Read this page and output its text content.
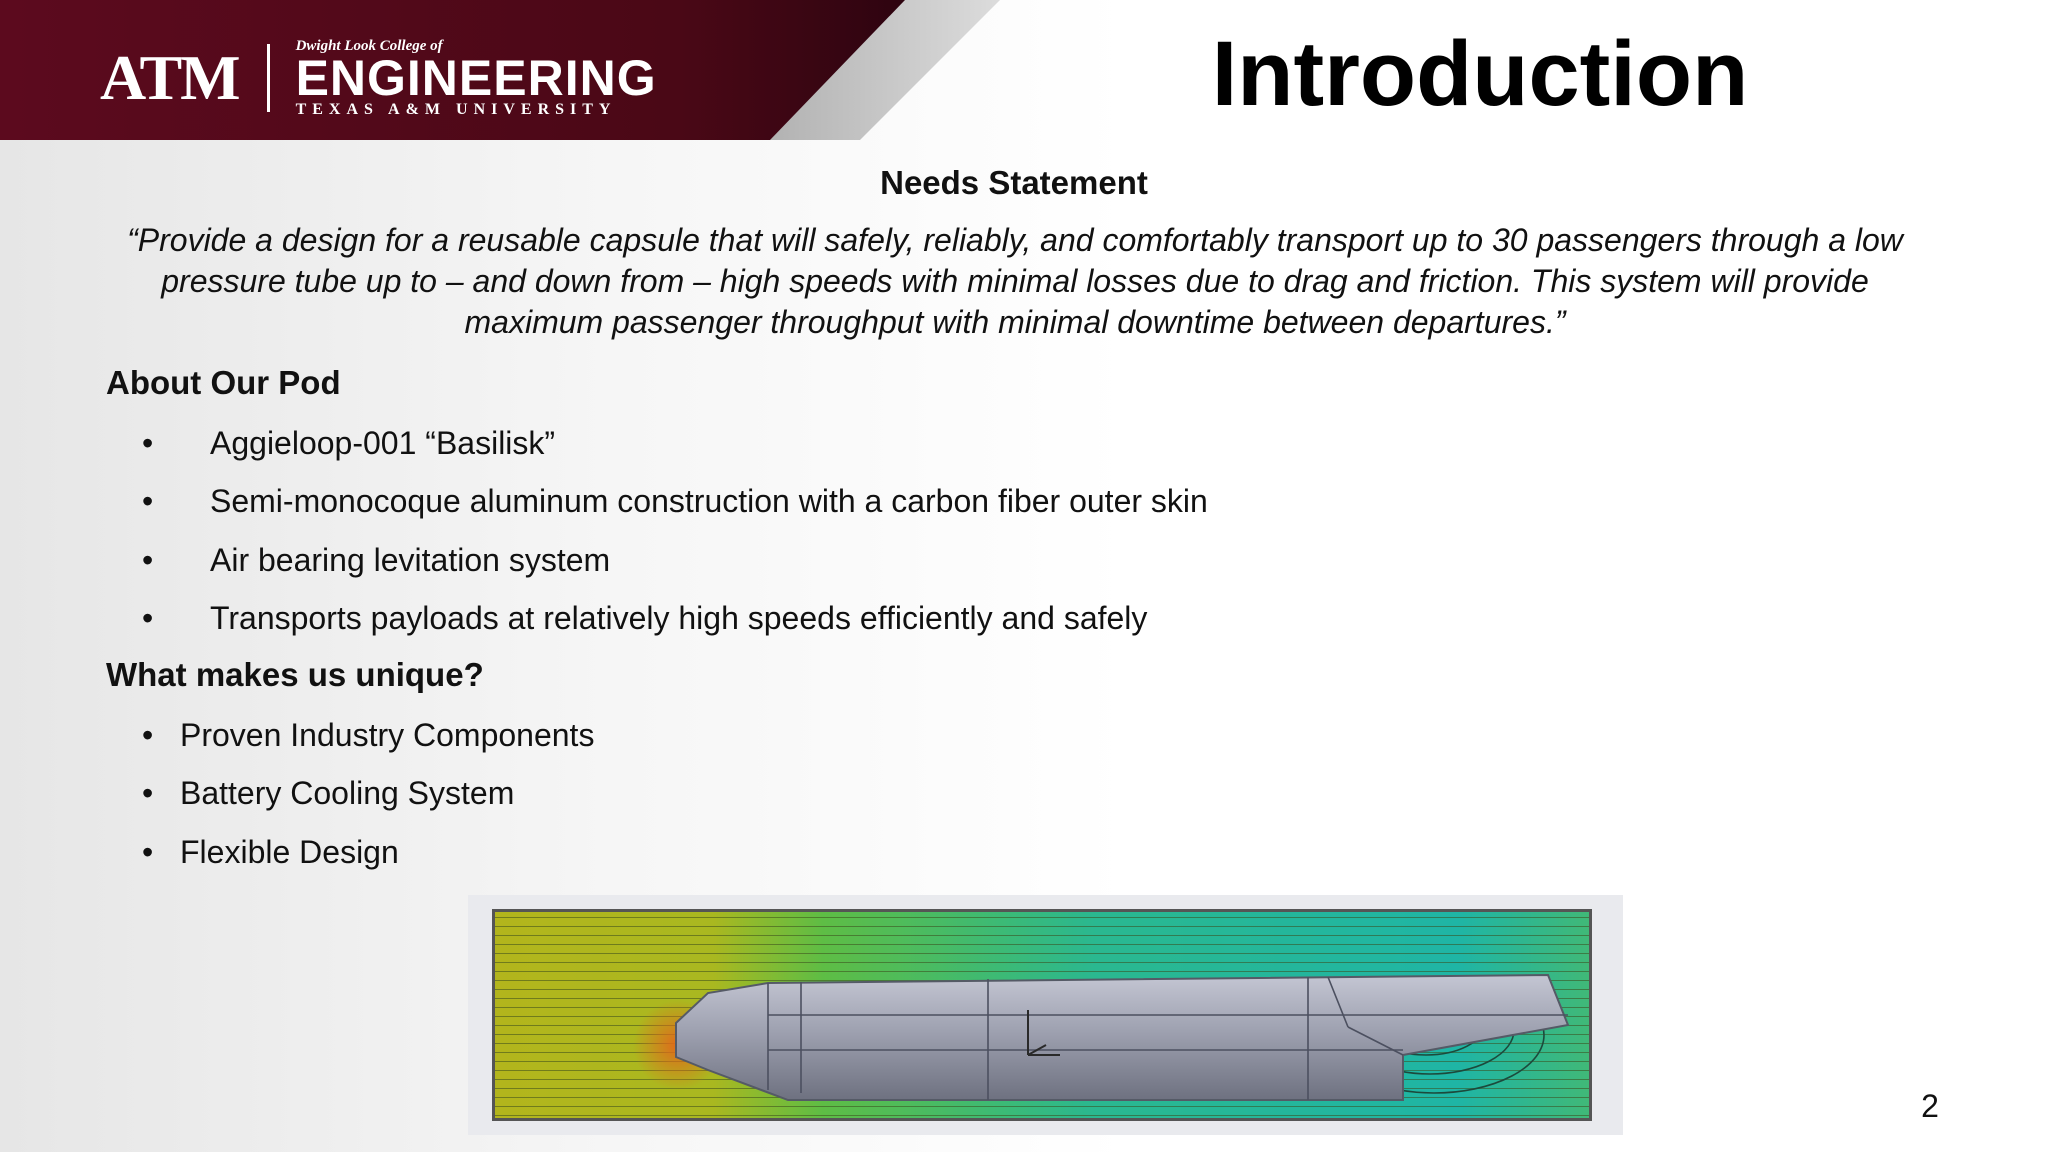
ATM	Dwight Look College of
ENGINEERING
TEXAS A&M UNIVERSITY	Introduction
Needs Statement
“Provide a design for a reusable capsule that will safely, reliably, and comfortably transport up to 30 passengers through a low pressure tube up to – and down from – high speeds with minimal losses due to drag and friction. This system will provide maximum passenger throughput with minimal downtime between departures.”
About Our Pod
• Aggieloop-001 “Basilisk”
• Semi-monocoque aluminum construction with a carbon fiber outer skin
• Air bearing levitation system
• Transports payloads at relatively high speeds efficiently and safely
What makes us unique?
• Proven Industry Components
• Battery Cooling System
• Flexible Design
2
